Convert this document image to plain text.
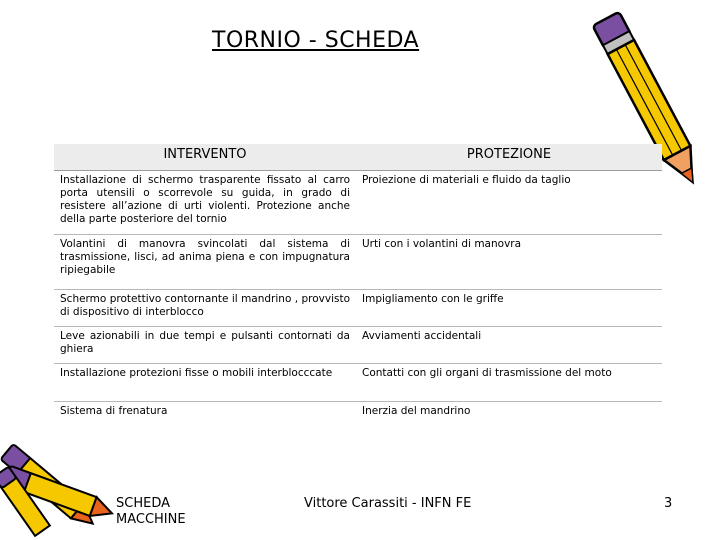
TORNIO - SCHEDA
INTERVENTO	PROTEZIONE
Installazione di schermo trasparente fissato al carro porta utensili o scorrevole su guida, in grado di resistere all’azione di urti violenti. Protezione anche della parte posteriore del tornio	Proiezione di materiali e fluido da taglio
Volantini di manovra svincolati dal sistema di trasmissione, lisci, ad anima piena e con impugnatura ripiegabile	Urti con i volantini di manovra
Schermo protettivo contornante il mandrino , provvisto di dispositivo di interblocco	Impigliamento con le griffe
Leve azionabili in due tempi e pulsanti contornati da ghiera	Avviamenti accidentali
Installazione protezioni fisse o mobili interblocccate	Contatti con gli organi di trasmissione del moto
Sistema di frenatura	Inerzia del mandrino
SCHEDA MACCHINE
Vittore Carassiti - INFN FE	3
